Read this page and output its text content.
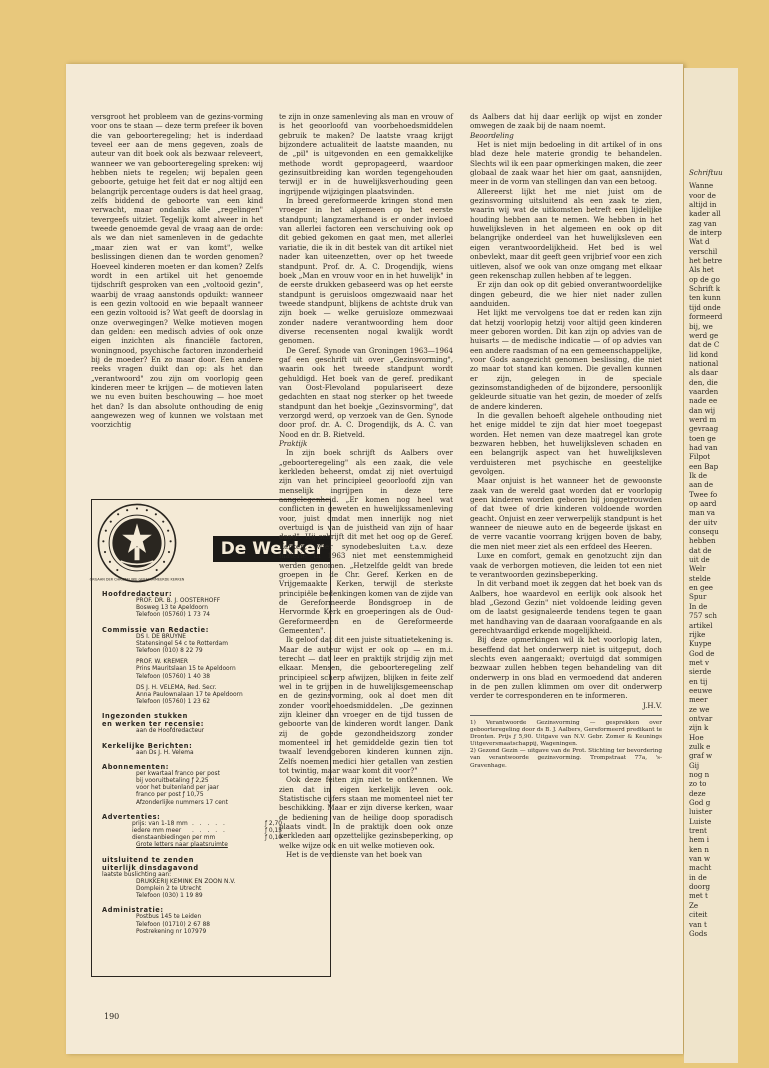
versgroot het probleem van de gezins-vorming voor ons te staan — deze term prefeer ik boven die van geboorteregeling; het is inderdaad teveel eer aan de mens gegeven, zoals de auteur van dit boek ook als bezwaar releveert, wanneer we van geboorteregeling spreken: wij hebben niets te regelen; wij bepalen geen geboorte, getuige het feit dat er nog altijd een belangrijk percentage ouders is dat heel graag, zelfs biddend de geboorte van een kind verwacht, maar ondanks alle „regelingen" tevergeefs uitziet. Tegelijk komt alweer in het tweede genoemde geval de vraag aan de orde: als we dan niet samenleven in de gedachte „maar zien wat er van komt", welke beslissingen dienen dan te worden genomen? Hoeveel kinderen moeten er dan komen? Zelfs wordt in een artikel uit het genoemde tijdschrift gesproken van een „voltooid gezin", waarbij de vraag aanstonds opduikt: wanneer is een gezin voltooid en wie bepaalt wanneer een gezin voltooid is? Wat geeft de doorslag in onze overwegingen? Welke motieven mogen dan gelden: een medisch advies of ook onze eigen inzichten als financiële factoren, woningnood, psychische factoren inzonderheid bij de moeder? En zo maar door. Een andere reeks vragen duikt dan op: als het dan „verantwoord" zou zijn om voorlopig geen kinderen meer te krijgen — de motieven laten we nu even buiten beschouwing — hoe moet het dan? Is dan absolute onthouding de enig aangewezen weg of kunnen we volstaan met voorzichtig

ORGAAN DER CHRISTELIJKE GEREFORMEERDE KERKEN
De Wekker
Hoofdredacteur:
PROF. DR. B. J. OOSTERHOFF
Bosweg 13 te Apeldoorn
Telefoon (05760) 1 73 74
Commissie van Redactie:
DS I. DE BRUYNE
Statensingel 54 c te Rotterdam
Telefoon (010) 8 22 79
PROF. W. KREMER
Prins Mauritslaan 15 te Apeldoorn
Telefoon (05760) 1 40 38
DS J. H. VELEMA, Red. Secr.
Anna Paulownalaan 17 te Apeldoorn
Telefoon (05760) 1 23 62
Ingezonden stukken
en werken ter recensie:
aan de Hoofdredacteur
Kerkelijke Berichten:
aan Ds J. H. Velema
Abonnementen:
per kwartaal franco per post
bij vooruitbetaling ƒ 2,25
voor het buitenland per jaar
franco per post ƒ 10,75
Afzonderlijke nummers 17 cent
Advertenties:
prijs: van 1-18 mm . . . . .	ƒ 2,70
iedere mm meer	. . . . .	ƒ 0,15
dienstaanbiedingen per mm	ƒ 0,10
Grote letters naar plaatsruimte
uitsluitend te zenden
uiterlijk dinsdagavond
laatste buslichting aan:
DRUKKERIJ KEMINK EN ZOON N.V.
Domplein 2 te Utrecht
Telefoon (030) 1 19 89
Administratie:
Postbus 145 te Leiden
Telefoon (01710) 2 67 88
Postrekening nr 107979

te zijn in onze samenleving als man en vrouw of is het geoorloofd van voorbehoedsmiddelen gebruik te maken? De laatste vraag krijgt bijzondere actualiteit de laatste maanden, nu de „pil" is uitgevonden en een gemakkelijke methode wordt gepropageerd, waardoor gezinsuitbreiding kan worden tegengehouden terwijl er in de huwelijksverhouding geen ingrijpende wijzigingen plaatsvinden.

In breed gereformeerde kringen stond men vroeger in het algemeen op het eerste standpunt; langzamerhand is er onder invloed van allerlei factoren een verschuiving ook op dit gebied gekomen en gaat men, met allerlei variatie, die ik in dit bestek van dit artikel niet nader kan uiteenzetten, over op het tweede standpunt. Prof. dr. A. C. Drogendijk, wiens boek „Man en vrouw voor en in het huwelijk" in de eerste drukken gebaseerd was op het eerste standpunt is geruisloos omgezwaaid naar het tweede standpunt, blijkens de achtste druk van zijn boek — welke geruisloze ommezwaai zonder nadere verantwoording hem door diverse recensenten nogal kwalijk wordt genomen.

De Geref. Synode van Groningen 1963—1964 gaf een geschrift uit over „Gezinsvorming", waarin ook het tweede standpunt wordt gehuldigd. Het boek van de geref. predikant van Oost-Flevoland populariseert deze gedachten en staat nog sterker op het tweede standpunt dan het boekje „Gezinsvorming", dat verzorgd werd, op verzoek van de Gen. Synode door prof. dr. A. C. Drogendijk, ds A. C. van Nood en dr. B. Rietveld.

Praktijk

In zijn boek schrijft ds Aalbers over „geboorteregeling" als een zaak, die vele kerkleden beheerst, omdat zij niet overtuigd zijn van het principieel geoorloofd zijn van menselijk ingrijpen in deze tere aangelegenheid. „Er komen nog heel wat conflicten in geweten en huwelijkssamenleving voor, juist omdat men innerlijk nog niet overtuigd is van de juistheid van zijn of haar daad". Hij schrijft dit met het oog op de Geref. Kerken, wier synodebesluiten t.a.v. deze materie in 1963 niet met eenstemmigheid werden genomen. „Hetzelfde geldt van brede groepen in de Chr. Geref. Kerken en de Vrijgemaakte Kerken, terwijl de sterkste principiële bedenkingen komen van de zijde van de Gereformeerde Bondsgroep in de Hervormde Kerk en groeperingen als de Oud-Gereformeerden en de Gereformeerde Gemeenten".

Ik geloof dat dit een juiste situatietekening is. Maar de auteur wijst er ook op — en m.i. terecht — dat leer en praktijk strijdig zijn met elkaar. Mensen, die geboorteregeling zelf principieel scherp afwijzen, blijken in feite zelf wel in te grijpen in de huwelijksgemeenschap en de gezinsvorming, ook al doet men dit zonder voorbehoedsmiddelen. „De gezinnen zijn kleiner dan vroeger en de tijd tussen de geboorte van de kinderen wordt langer. Dank zij de goede gezondheidszorg zonder momenteel in het gemiddelde gezin tien tot twaalf levendgeboren kinderen kunnen zijn. Zelfs noemen medici hier getallen van zestien tot twintig, maar waar komt dit voor?"

Ook deze feiten zijn niet te ontkennen. We zien dat in eigen kerkelijk leven ook. Statistische cijfers staan me momenteel niet ter beschikking. Maar er zijn diverse kerken, waar de bediening van de heilige doop sporadisch plaats vindt. In de praktijk doen ook onze kerkleden aan opzettelijke gezinsbeperking, op welke wijze ook en uit welke motieven ook.

Het is de verdienste van het boek van

ds Aalbers dat hij daar eerlijk op wijst en zonder omwegen de zaak bij de naam noemt.

Beoordeling

Het is niet mijn bedoeling in dit artikel of in ons blad deze hele materie grondig te behandelen. Slechts wil ik een paar opmerkingen maken, die zeer globaal de zaak waar het hier om gaat, aansnijden, meer in de vorm van stellingen dan van een betoog.

Allereerst lijkt het me niet juist om de gezinsvorming uitsluitend als een zaak te zien, waarin wij wat de uitkomsten betreft een lijdelijke houding hebben aan te nemen. We hebben in het huwelijksleven in het algemeen en ook op dit belangrijke onderdeel van het huwelijksleven een eigen verantwoordelijkheid. Het bed is wel onbevlekt, maar dit geeft geen vrijbrief voor een zich uitleven, alsof we ook van onze omgang met elkaar geen rekenschap zullen hebben af te leggen.

Er zijn dan ook op dit gebied onverantwoordelijke dingen gebeurd, die we hier niet nader zullen aanduiden.

Het lijkt me vervolgens toe dat er reden kan zijn dat hetzij voorlopig hetzij voor altijd geen kinderen meer geboren worden. Dit kan zijn op advies van de huisarts — de medische indicatie — of op advies van een andere raadsman of na een gemeenschappelijke, voor Gods aangezicht genomen beslissing, die niet zo maar tot stand kan komen. Die gevallen kunnen er zijn, gelegen in de speciale gezinsomstandigheden of de bijzondere, persoonlijk gekleurde situatie van het gezin, de moeder of zelfs de andere kinderen.

In die gevallen behoeft algehele onthouding niet het enige middel te zijn dat hier moet toegepast worden. Het nemen van deze maatregel kan grote bezwaren hebben, het huwelijksleven schaden en een belangrijk aspect van het huwelijksleven verduisteren met psychische en geestelijke gevolgen.

Maar onjuist is het wanneer het de gewoonste zaak van de wereld gaat worden dat er voorlopig geen kinderen worden geboren bij jonggetrouwden of dat twee of drie kinderen voldoende worden geacht. Onjuist en zeer verwerpelijk standpunt is het wanneer de nieuwe auto en de begeerde ijskast en de verre vacantie voorrang krijgen boven de baby, die men niet meer ziet als een erfdeel des Heeren.

Luxe en comfort, gemak en genotzucht zijn dan vaak de verborgen motieven, die leiden tot een niet te verantwoorden gezinsbeperking.

In dit verband moet ik zeggen dat het boek van ds Aalbers, hoe waardevol en eerlijk ook alsook het blad „Gezond Gezin" niet voldoende leiding geven om de laatst gesignaleerde tendens tegen te gaan met handhaving van de daaraan voorafgaande en als gerechtvaardigd erkende mogelijkheid.

Bij deze opmerkingen wil ik het voorlopig laten, beseffend dat het onderwerp niet is uitgeput, doch slechts even aangeraakt; overtuigd dat sommigen bezwaar zullen hebben tegen behandeling van dit onderwerp in ons blad en vermoedend dat anderen in de pen zullen klimmen om over dit onderwerp verder te corresponderen en te informeren.

J.H.V.

1) Verantwoorde Gezinsvorming — gesprekken over geboorteregeling door ds B. J. Aalbers, Gereformeerd predikant te Dronten. Prijs ƒ 5,90. Uitgave van N.V. Gebr. Zomer & Keunings Uitgeversmaatschappij, Wageningen.

2) Gezond Gezin — uitgave van de Prot. Stichting ter bevordering van verantwoorde gezinsvorming. Trompstraat 77a, 's-Gravenhage.

190
Schriftuu
Wanne
voor de
altijd in
kader all
zag van
de interp
Wat d
verschil
het betre
Als het
op de go
Schrift k
ten kunn
tijd onde
formeerd
bij, we
werd ge
dat de C
lid kond
national
als daar
den, die
vaarden
nade ee
dan wij
werd m
gevraag
toen ge
had van
Filpot
een Bap
Ik de
aan de
Twee fo
op aard
man va
der uitv
consequ
hebben
dat de
uit de
Welr
stelde
en gee
Spur
In de
757 sch
artikel
rijke
Kuype
God de
met v
sierde
en tij
eeuwe
meer
ze we
ontvar
zijn k
Hoe
zulk e
graf w
Gij
nog n
zo to
deze
God g
luister
Luiste
trent
hem i
ken n
van w
macht
in de
doorg
met t
Ze
citeit
van t
Gods
